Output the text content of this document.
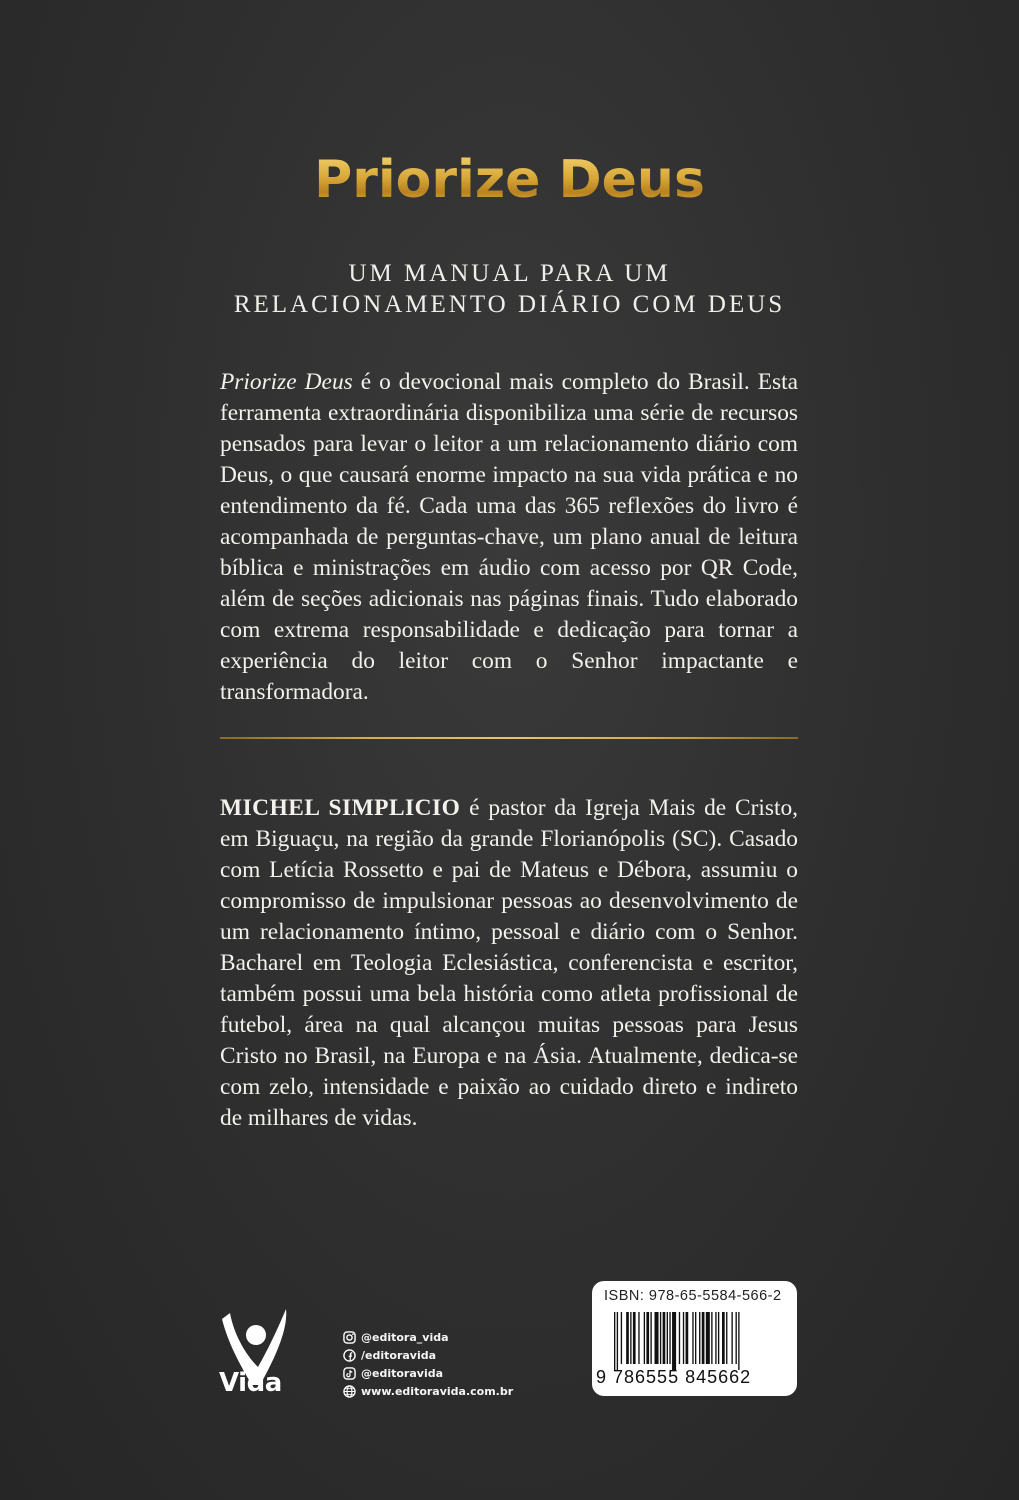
Priorize Deus
UM MANUAL PARA UM
RELACIONAMENTO DIÁRIO COM DEUS
Priorize Deus é o devocional mais completo do Brasil. Esta ferramenta extraordinária disponibiliza uma série de recursos pensados para levar o leitor a um relacionamento diário com Deus, o que causará enorme impacto na sua vida prática e no entendimento da fé. Cada uma das 365 reflexões do livro é acompanhada de perguntas-chave, um plano anual de leitura bíblica e ministrações em áudio com acesso por QR Code, além de seções adicionais nas páginas finais. Tudo elaborado com extrema responsabilidade e dedicação para tornar a experiência do leitor com o Senhor impactante e transformadora.
MICHEL SIMPLICIO é pastor da Igreja Mais de Cristo, em Biguaçu, na região da grande Florianópolis (SC). Casado com Letícia Rossetto e pai de Mateus e Débora, assumiu o compromisso de impulsionar pessoas ao desenvolvimento de um relacionamento íntimo, pessoal e diário com o Senhor. Bacharel em Teologia Eclesiástica, conferencista e escritor, também possui uma bela história como atleta profissional de futebol, área na qual alcançou muitas pessoas para Jesus Cristo no Brasil, na Europa e na Ásia. Atualmente, dedica-se com zelo, intensidade e paixão ao cuidado direto e indireto de milhares de vidas.
Vida
@editora_vida
/editoravida
@editoravida
www.editoravida.com.br
ISBN: 978-65-5584-566-2
9 786555 845662
